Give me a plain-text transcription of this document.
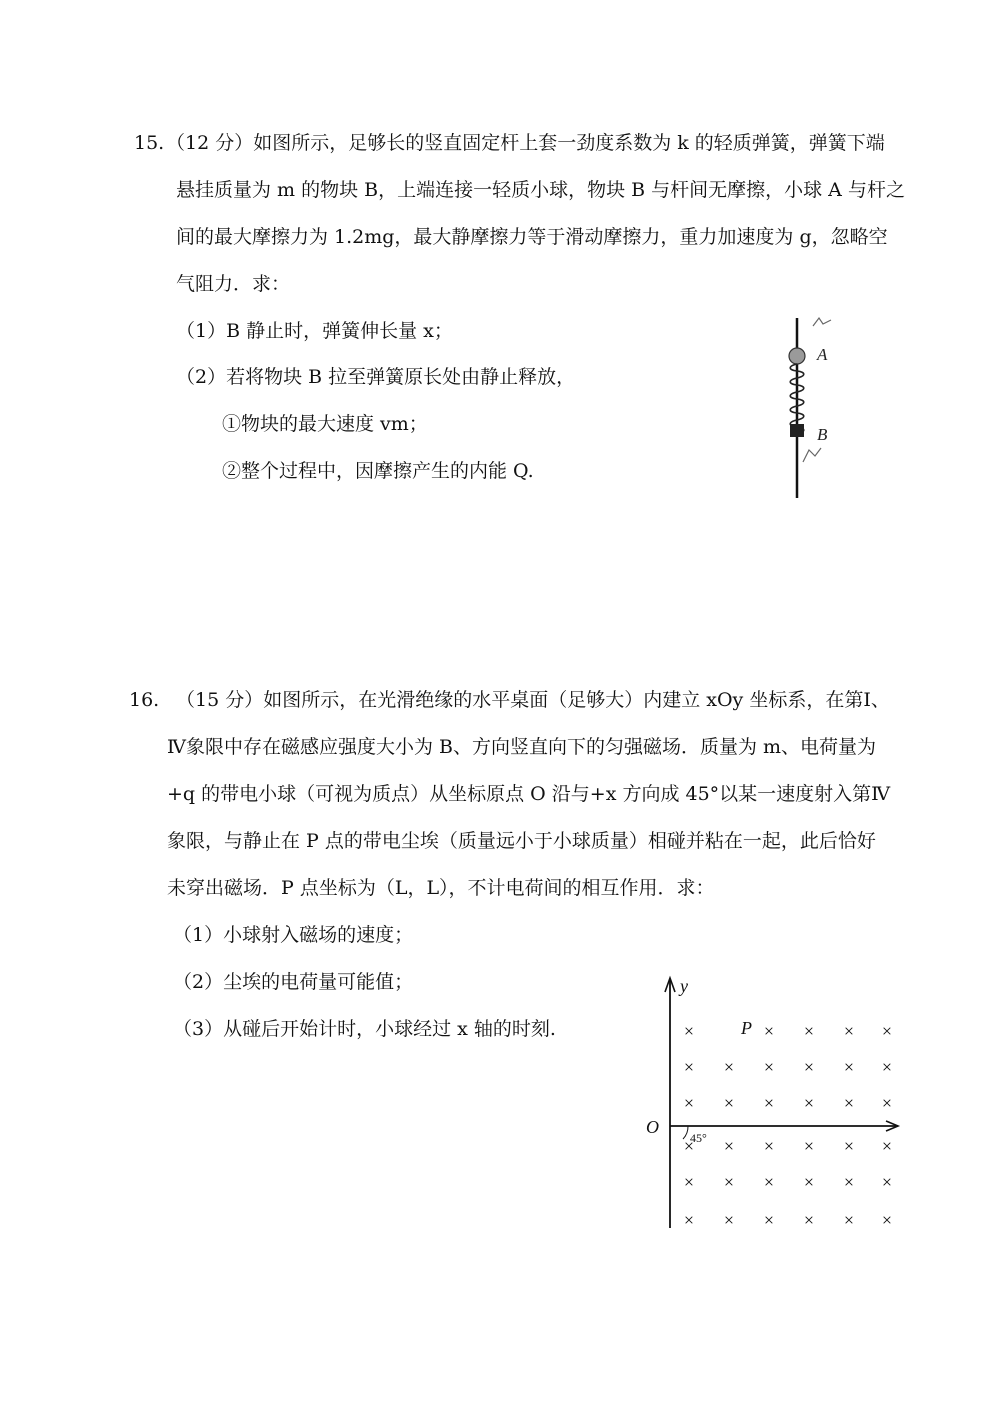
15. （12 分）如图所示，足够长的竖直固定杆上套一劲度系数为 k 的轻质弹簧，弹簧下端
悬挂质量为 m 的物块 B，上端连接一轻质小球，物块 B 与杆间无摩擦，小球 A 与杆之
间的最大摩擦力为 1.2mg，最大静摩擦力等于滑动摩擦力，重力加速度为 g，忽略空
气阻力．求：
（1）B 静止时，弹簧伸长量 x；
（2）若将物块 B 拉至弹簧原长处由静止释放，
①物块的最大速度 vm；
②整个过程中，因摩擦产生的内能 Q.
A
B
16. （15 分）如图所示，在光滑绝缘的水平桌面（足够大）内建立 xOy 坐标系，在第Ⅰ、
Ⅳ象限中存在磁感应强度大小为 B、方向竖直向下的匀强磁场．质量为 m、电荷量为
+q 的带电小球（可视为质点）从坐标原点 O 沿与+x 方向成 45°以某一速度射入第Ⅳ
象限，与静止在 P 点的带电尘埃（质量远小于小球质量）相碰并粘在一起，此后恰好
未穿出磁场．P 点坐标为（L，L），不计电荷间的相互作用．求：
（1）小球射入磁场的速度；
（2）尘埃的电荷量可能值；
（3）从碰后开始计时，小球经过 x 轴的时刻.
y
O
P
45°
×	× × × ×
× × × × × ×
× × × × × ×
× × × × × ×
× × × × × ×
× × × × × ×
